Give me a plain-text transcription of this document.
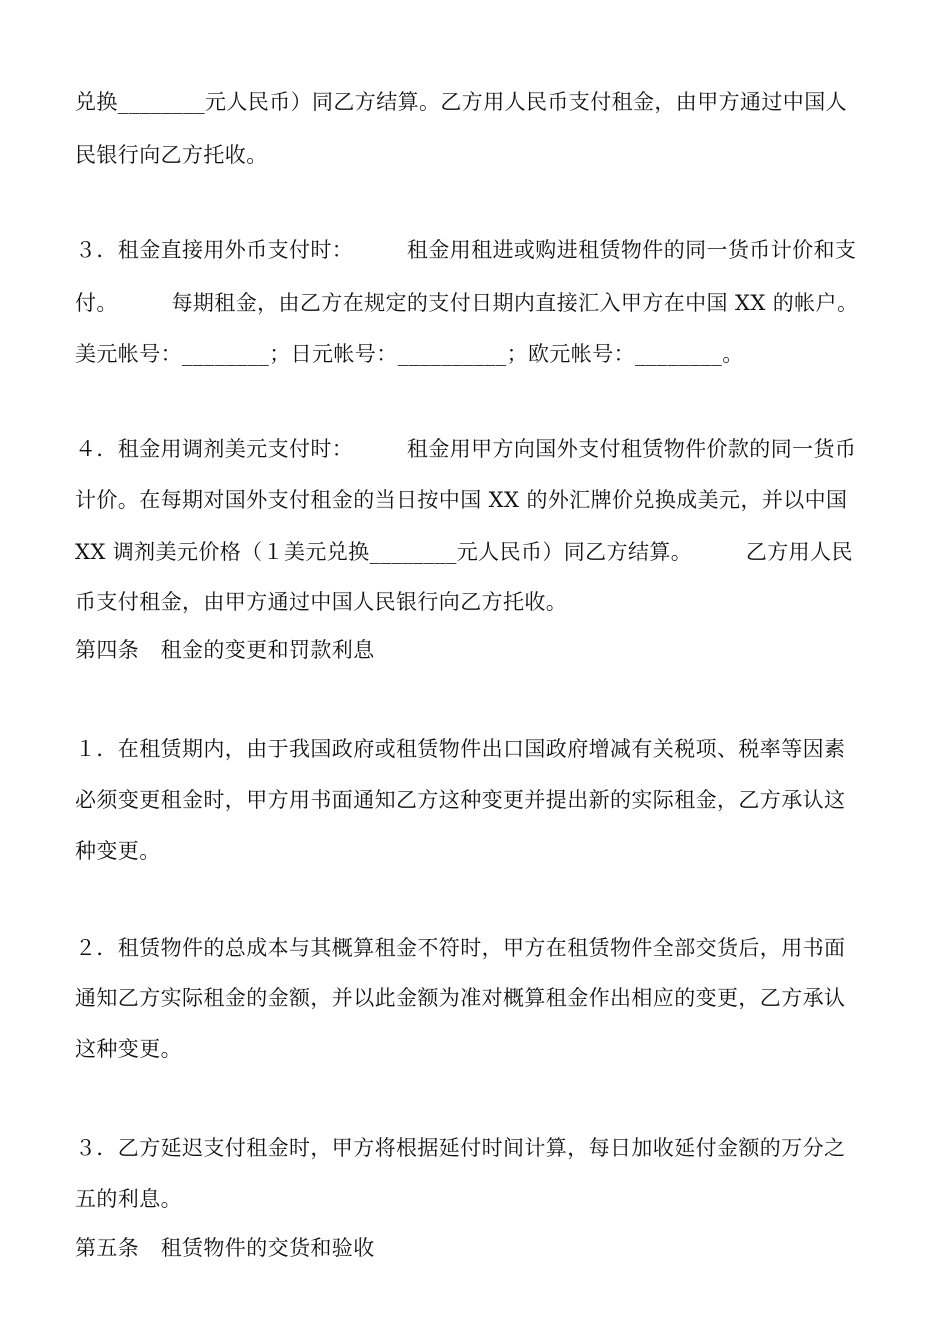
兑换________元人民币）同乙方结算。乙方用人民币支付租金，由甲方通过中国人
民银行向乙方托收。
３．租金直接用外币支付时：　　　租金用租进或购进租赁物件的同一货币计价和支
付。　　　每期租金，由乙方在规定的支付日期内直接汇入甲方在中国 XX 的帐户。
美元帐号：________；日元帐号：__________；欧元帐号：________。
４．租金用调剂美元支付时：　　　租金用甲方向国外支付租赁物件价款的同一货币
计价。在每期对国外支付租金的当日按中国 XX 的外汇牌价兑换成美元，并以中国
XX 调剂美元价格（１美元兑换________元人民币）同乙方结算。　　　乙方用人民
币支付租金，由甲方通过中国人民银行向乙方托收。
第四条　租金的变更和罚款利息
１．在租赁期内，由于我国政府或租赁物件出口国政府增减有关税项、税率等因素
必须变更租金时，甲方用书面通知乙方这种变更并提出新的实际租金，乙方承认这
种变更。
２．租赁物件的总成本与其概算租金不符时，甲方在租赁物件全部交货后，用书面
通知乙方实际租金的金额，并以此金额为准对概算租金作出相应的变更，乙方承认
这种变更。
３．乙方延迟支付租金时，甲方将根据延付时间计算，每日加收延付金额的万分之
五的利息。
第五条　租赁物件的交货和验收
